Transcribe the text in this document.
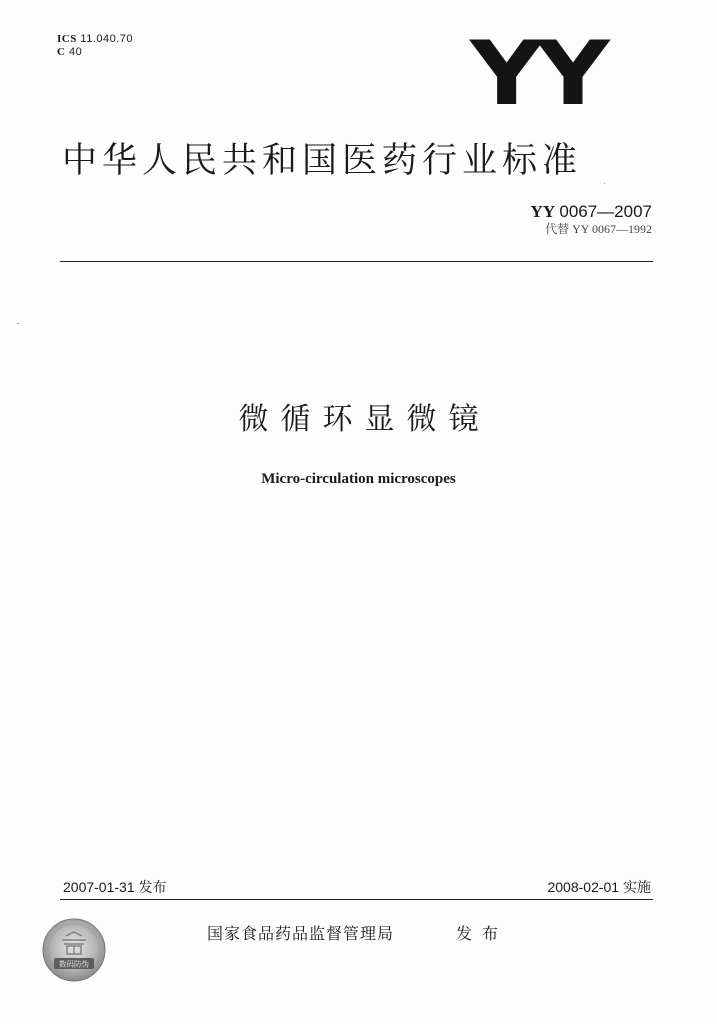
ICS 11.040.70
C 40	YY
中华人民共和国医药行业标准
YY 0067—2007
代替 YY 0067—1992
微循环显微镜
Micro-circulation microscopes
2007-01-31 发布	2008-02-01 实施
数码防伪
国家食品药品监督管理局	发布
